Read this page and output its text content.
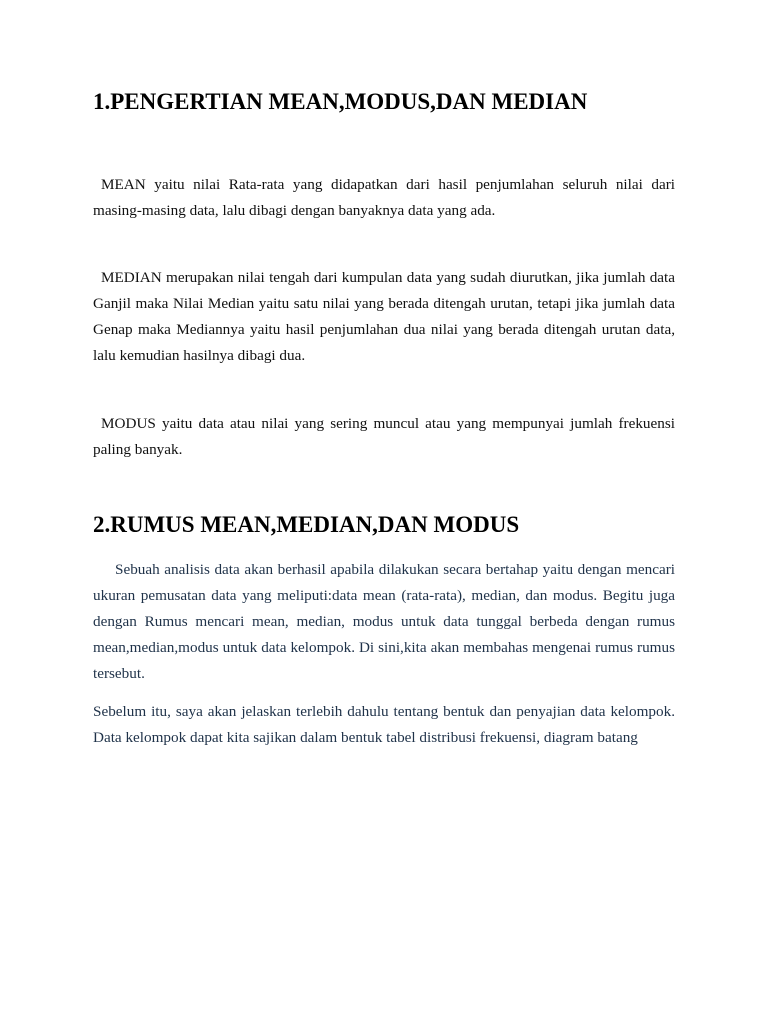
1.PENGERTIAN MEAN,MODUS,DAN MEDIAN

MEAN yaitu nilai Rata-rata yang didapatkan dari hasil penjumlahan seluruh nilai dari masing-masing data, lalu dibagi dengan banyaknya data yang ada.

MEDIAN merupakan nilai tengah dari kumpulan data yang sudah diurutkan, jika jumlah data Ganjil maka Nilai Median yaitu satu nilai yang berada ditengah urutan, tetapi jika jumlah data Genap maka Mediannya yaitu hasil penjumlahan dua nilai yang berada ditengah urutan data, lalu kemudian hasilnya dibagi dua.

MODUS yaitu data atau nilai yang sering muncul atau yang mempunyai jumlah frekuensi paling banyak.

2.RUMUS MEAN,MEDIAN,DAN MODUS

Sebuah analisis data akan berhasil apabila dilakukan secara bertahap yaitu dengan mencari ukuran pemusatan data yang meliputi:data mean (rata-rata), median, dan modus. Begitu juga dengan Rumus mencari mean, median, modus untuk data tunggal berbeda dengan rumus mean,median,modus untuk data kelompok. Di sini,kita akan membahas mengenai rumus rumus tersebut.

Sebelum itu, saya akan jelaskan terlebih dahulu tentang bentuk dan penyajian data kelompok. Data kelompok dapat kita sajikan dalam bentuk tabel distribusi frekuensi, diagram batang
